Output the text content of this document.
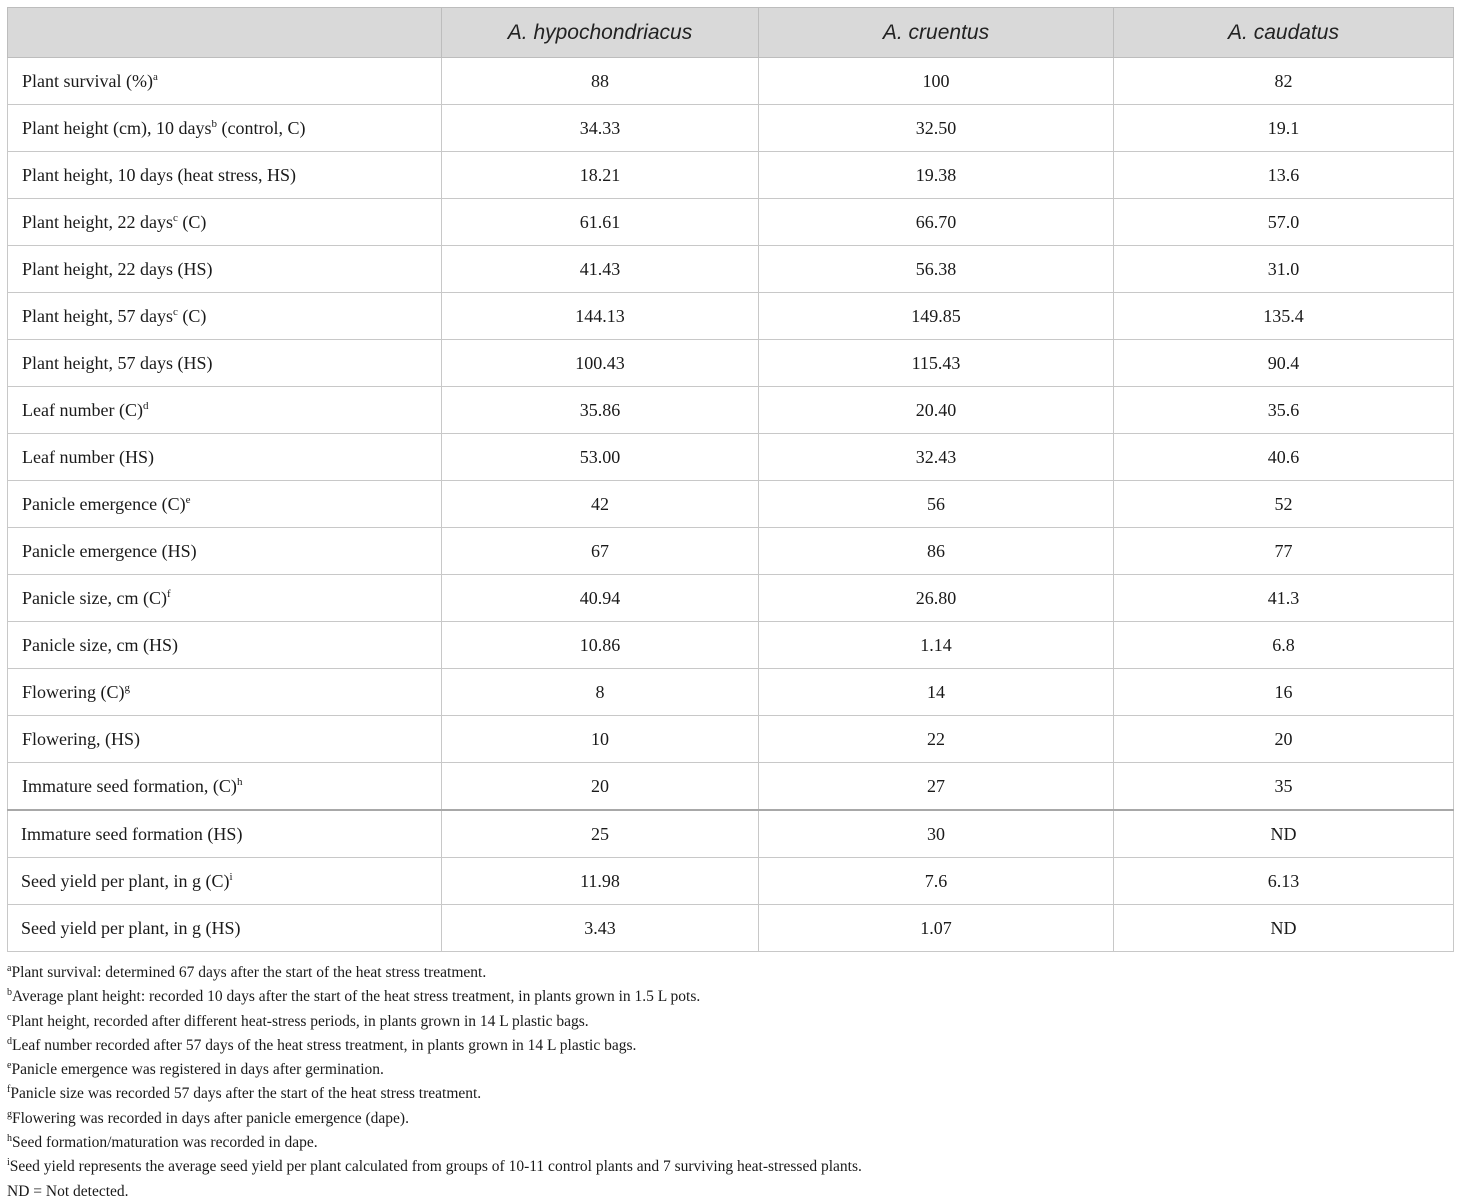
	A. hypochondriacus	A. cruentus	A. caudatus
Plant survival (%)$^a$	88	100	82
Plant height (cm), 10 days$^b$ (control, C)	34.33	32.50	19.1
Plant height, 10 days (heat stress, HS)	18.21	19.38	13.6
Plant height, 22 days$^c$ (C)	61.61	66.70	57.0
Plant height, 22 days (HS)	41.43	56.38	31.0
Plant height, 57 days$^c$ (C)	144.13	149.85	135.4
Plant height, 57 days (HS)	100.43	115.43	90.4
Leaf number $(C)^d$	35.86	20.40	35.6
Leaf number (HS)	53.00	32.43	40.6
Panicle emergence $(C)^e$	42	56	52
Panicle emergence (HS)	67	86	77
Panicle size, cm $(C)^f$	40.94	26.80	41.3
Panicle size, cm (HS)	10.86	1.14	6.8
Flowering $(C)^g$	8	14	16
Flowering, (HS)	10	22	20
Immature seed formation, $(C)^h$	20	27	35
Immature seed formation (HS)	25	30	ND
Seed yield per plant, in g $(C)^i$	11.98	7.6	6.13
Seed yield per plant, in g (HS)	3.43	1.07	ND
$^a$Plant survival: determined 67 days after the start of the heat stress treatment.
$^b$Average plant height: recorded 10 days after the start of the heat stress treatment, in plants grown in 1.5 L pots.
$^c$Plant height, recorded after different heat-stress periods, in plants grown in 14 L plastic bags.
$^d$Leaf number recorded after 57 days of the heat stress treatment, in plants grown in 14 L plastic bags.
$^e$Panicle emergence was registered in days after germination.
$^f$Panicle size was recorded 57 days after the start of the heat stress treatment.
$^g$Flowering was recorded in days after panicle emergence (dape).
$^h$Seed formation/maturation was recorded in dape.
$^i$Seed yield represents the average seed yield per plant calculated from groups of 10-11 control plants and 7 surviving heat-stressed plants.
ND = Not detected.
